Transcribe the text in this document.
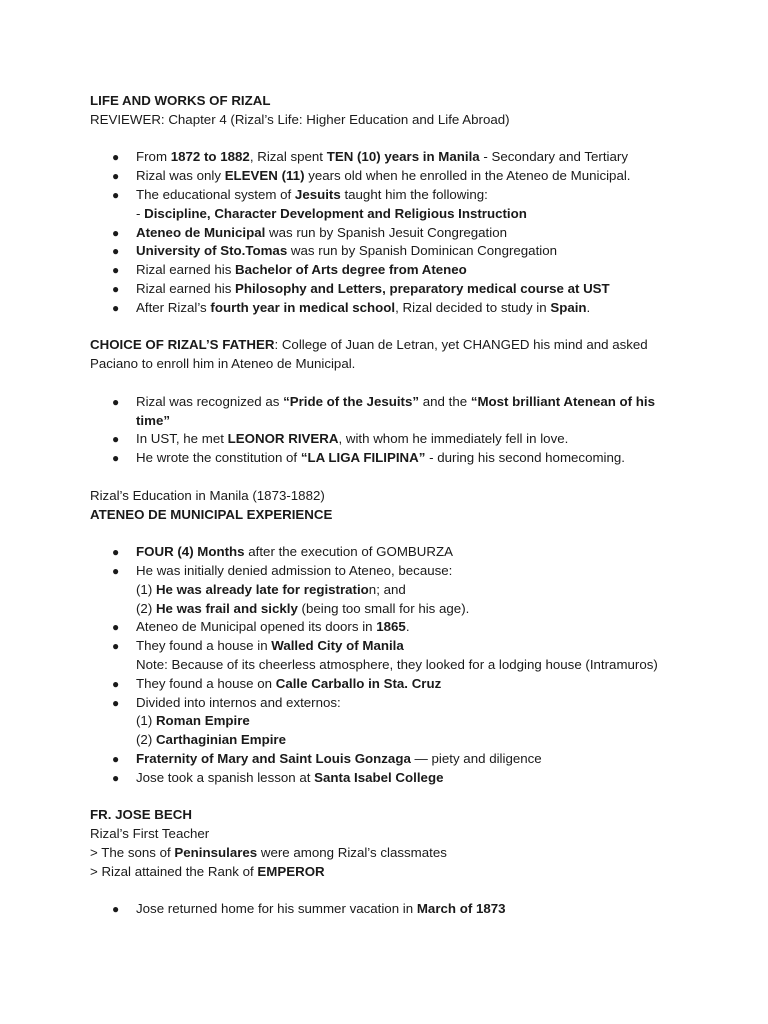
LIFE AND WORKS OF RIZAL
REVIEWER: Chapter 4 (Rizal’s Life: Higher Education and Life Abroad)
● From 1872 to 1882, Rizal spent TEN (10) years in Manila - Secondary and Tertiary
● Rizal was only ELEVEN (11) years old when he enrolled in the Ateneo de Municipal.
● The educational system of Jesuits taught him the following:
- Discipline, Character Development and Religious Instruction
● Ateneo de Municipal was run by Spanish Jesuit Congregation
● University of Sto.Tomas was run by Spanish Dominican Congregation
● Rizal earned his Bachelor of Arts degree from Ateneo
● Rizal earned his Philosophy and Letters, preparatory medical course at UST
● After Rizal’s fourth year in medical school, Rizal decided to study in Spain.
CHOICE OF RIZAL’S FATHER: College of Juan de Letran, yet CHANGED his mind and asked
Paciano to enroll him in Ateneo de Municipal.
● Rizal was recognized as “Pride of the Jesuits” and the “Most brilliant Atenean of his
time”
● In UST, he met LEONOR RIVERA, with whom he immediately fell in love.
● He wrote the constitution of “LA LIGA FILIPINA” - during his second homecoming.
Rizal’s Education in Manila (1873-1882)
ATENEO DE MUNICIPAL EXPERIENCE
● FOUR (4) Months after the execution of GOMBURZA
● He was initially denied admission to Ateneo, because:
(1) He was already late for registration; and
(2) He was frail and sickly (being too small for his age).
● Ateneo de Municipal opened its doors in 1865.
● They found a house in Walled City of Manila
Note: Because of its cheerless atmosphere, they looked for a lodging house (Intramuros)
● They found a house on Calle Carballo in Sta. Cruz
● Divided into internos and externos:
(1) Roman Empire
(2) Carthaginian Empire
● Fraternity of Mary and Saint Louis Gonzaga — piety and diligence
● Jose took a spanish lesson at Santa Isabel College
FR. JOSE BECH
Rizal’s First Teacher
> The sons of Peninsulares were among Rizal’s classmates
> Rizal attained the Rank of EMPEROR
● Jose returned home for his summer vacation in March of 1873
